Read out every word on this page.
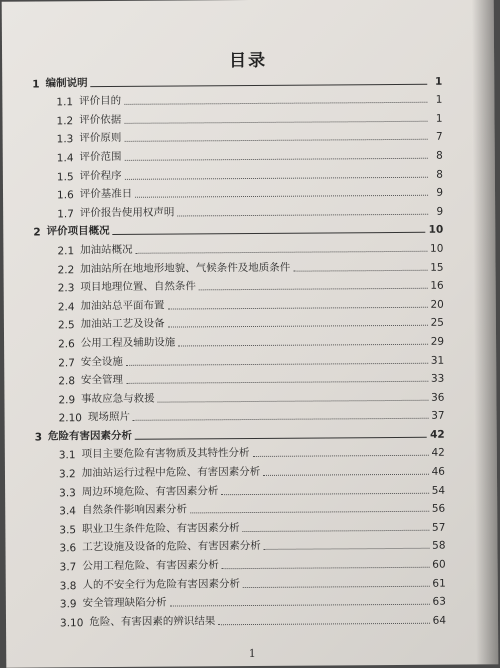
目录
1 编制说明	1
1.1 评价目的	1
1.2 评价依据	1
1.3 评价原则	7
1.4 评价范围	8
1.5 评价程序	8
1.6 评价基准日	9
1.7 评价报告使用权声明	9
2 评价项目概况	10
2.1 加油站概况	10
2.2 加油站所在地地形地貌、气候条件及地质条件	15
2.3 项目地理位置、自然条件	16
2.4 加油站总平面布置	20
2.5 加油站工艺及设备	25
2.6 公用工程及辅助设施	29
2.7 安全设施	31
2.8 安全管理	33
2.9 事故应急与救援	36
2.10 现场照片	37
3 危险有害因素分析	42
3.1 项目主要危险有害物质及其特性分析	42
3.2 加油站运行过程中危险、有害因素分析	46
3.3 周边环境危险、有害因素分析	54
3.4 自然条件影响因素分析	56
3.5 职业卫生条件危险、有害因素分析	57
3.6 工艺设施及设备的危险、有害因素分析	58
3.7 公用工程危险、有害因素分析	60
3.8 人的不安全行为危险有害因素分析	61
3.9 安全管理缺陷分析	63
3.10 危险、有害因素的辨识结果	64
1
